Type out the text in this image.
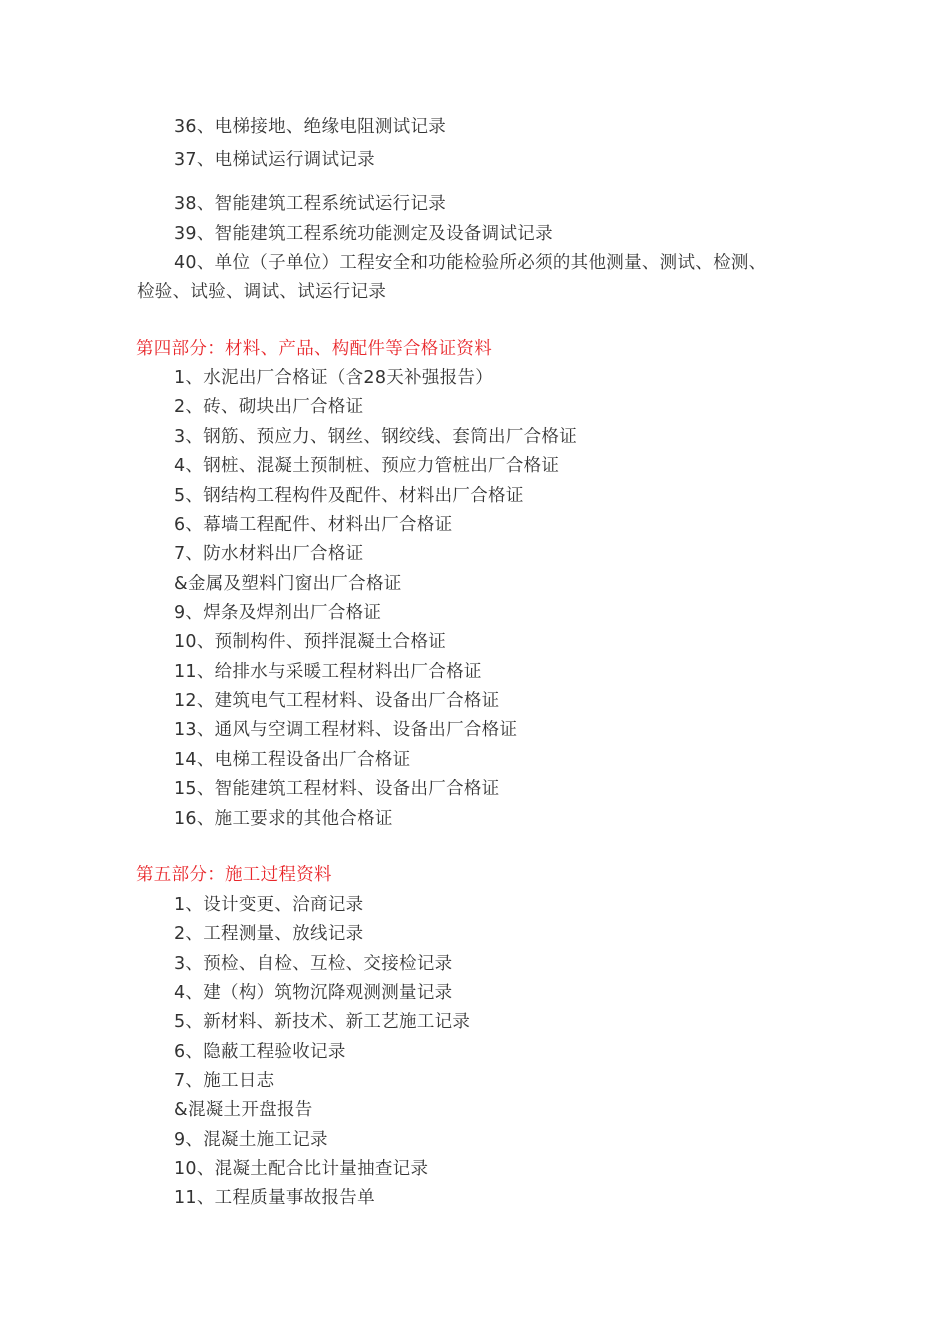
36、电梯接地、绝缘电阻测试记录
37、电梯试运行调试记录
38、智能建筑工程系统试运行记录
39、智能建筑工程系统功能测定及设备调试记录
40、单位（子单位）工程安全和功能检验所必须的其他测量、测试、检测、
检验、试验、调试、试运行记录
第四部分：材料、产品、构配件等合格证资料
1、水泥出厂合格证（含28天补强报告）
2、砖、砌块出厂合格证
3、钢筋、预应力、钢丝、钢绞线、套筒出厂合格证
4、钢桩、混凝土预制桩、预应力管桩出厂合格证
5、钢结构工程构件及配件、材料出厂合格证
6、幕墙工程配件、材料出厂合格证
7、防水材料出厂合格证
&金属及塑料门窗出厂合格证
9、焊条及焊剂出厂合格证
10、预制构件、预拌混凝土合格证
11、给排水与采暖工程材料出厂合格证
12、建筑电气工程材料、设备出厂合格证
13、通风与空调工程材料、设备出厂合格证
14、电梯工程设备出厂合格证
15、智能建筑工程材料、设备出厂合格证
16、施工要求的其他合格证
第五部分：施工过程资料
1、设计变更、洽商记录
2、工程测量、放线记录
3、预检、自检、互检、交接检记录
4、建（构）筑物沉降观测测量记录
5、新材料、新技术、新工艺施工记录
6、隐蔽工程验收记录
7、施工日志
&混凝土开盘报告
9、混凝土施工记录
10、混凝土配合比计量抽查记录
11、工程质量事故报告单
